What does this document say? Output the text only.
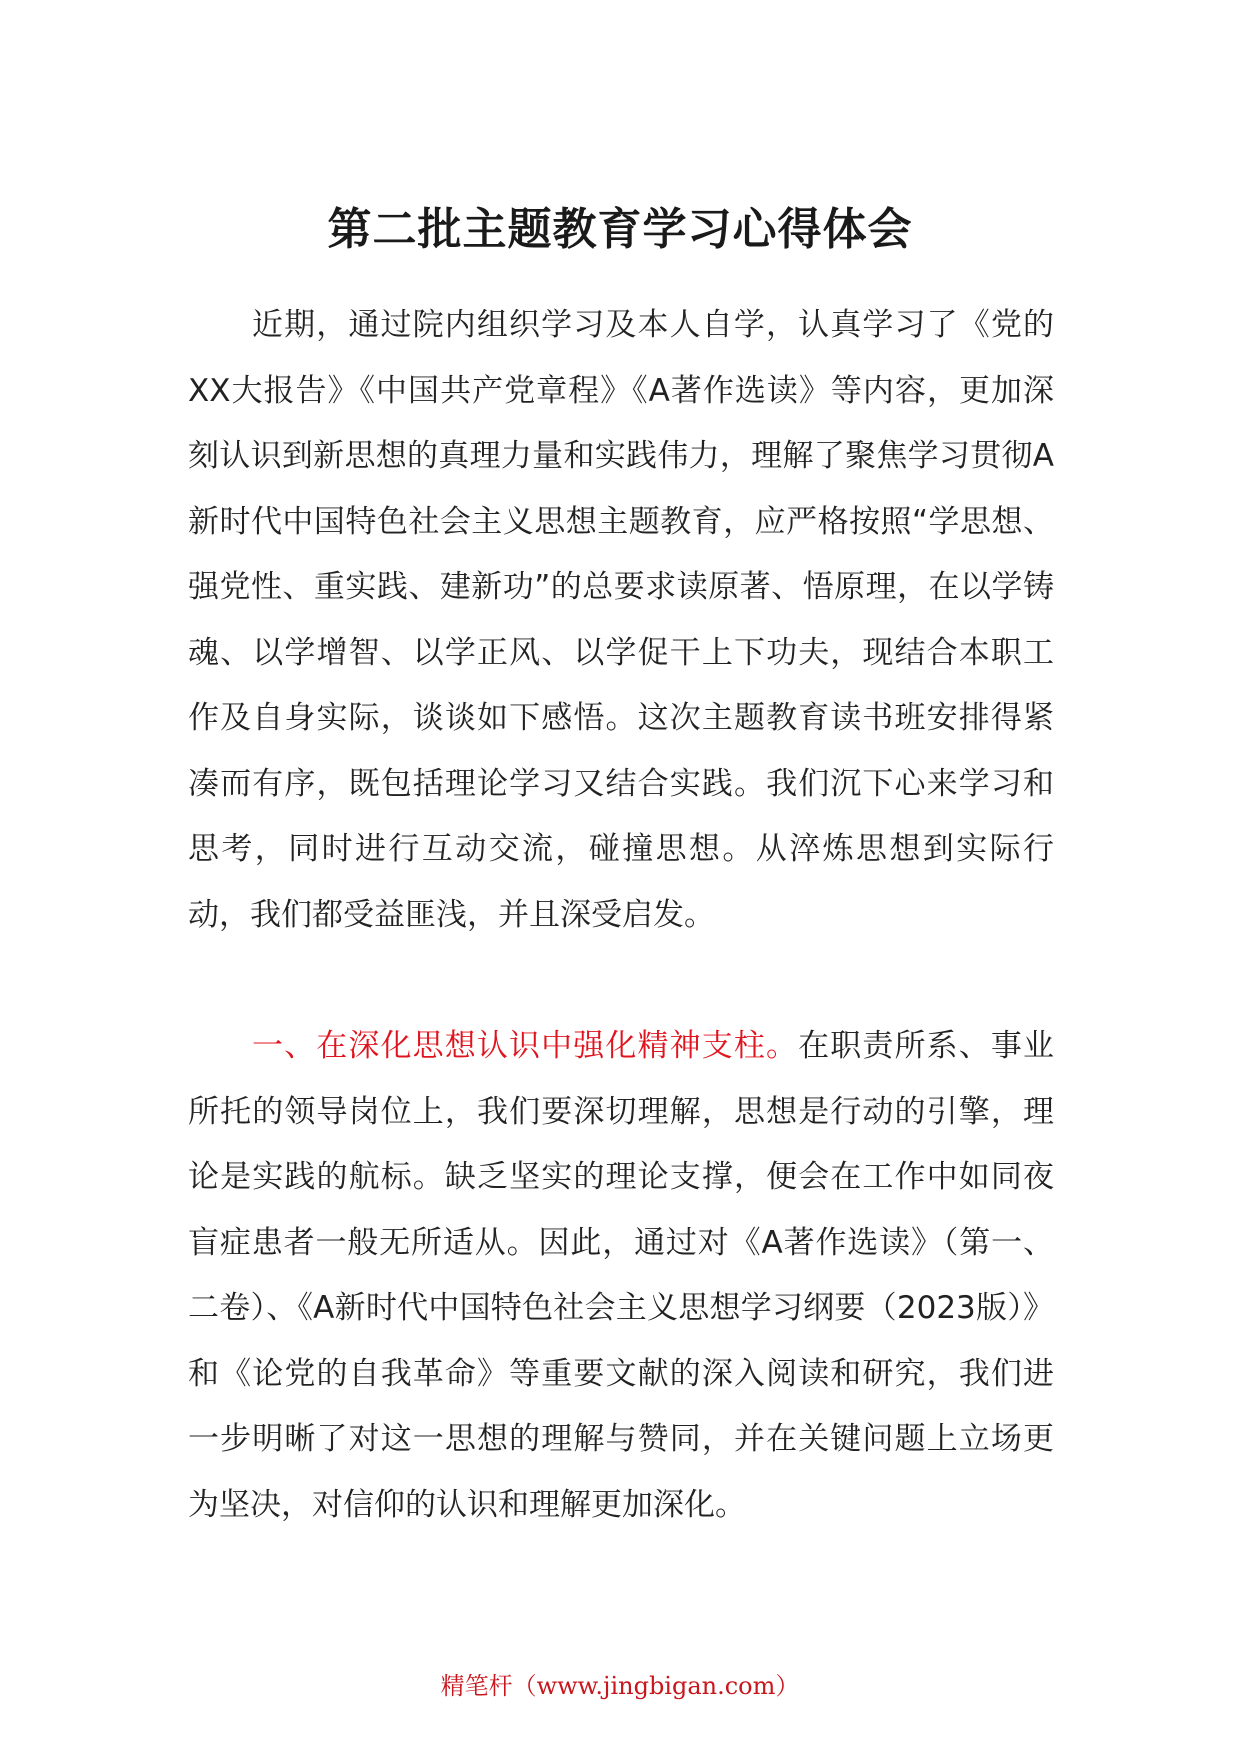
第二批主题教育学习心得体会

近期，通过院内组织学习及本人自学，认真学习了《党的XX大报告》《中国共产党章程》《A著作选读》等内容，更加深刻认识到新思想的真理力量和实践伟力，理解了聚焦学习贯彻A新时代中国特色社会主义思想主题教育，应严格按照“学思想、强党性、重实践、建新功”的总要求读原著、悟原理，在以学铸魂、以学增智、以学正风、以学促干上下功夫，现结合本职工作及自身实际，谈谈如下感悟。这次主题教育读书班安排得紧凑而有序，既包括理论学习又结合实践。我们沉下心来学习和思考，同时进行互动交流，碰撞思想。从淬炼思想到实际行动，我们都受益匪浅，并且深受启发。

一、在深化思想认识中强化精神支柱。在职责所系、事业所托的领导岗位上，我们要深切理解，思想是行动的引擎，理论是实践的航标。缺乏坚实的理论支撑，便会在工作中如同夜盲症患者一般无所适从。因此，通过对《A著作选读》（第一、二卷）、《A新时代中国特色社会主义思想学习纲要（2023版）》和《论党的自我革命》等重要文献的深入阅读和研究，我们进一步明晰了对这一思想的理解与赞同，并在关键问题上立场更为坚决，对信仰的认识和理解更加深化。

精笔杆（www.jingbigan.com）
